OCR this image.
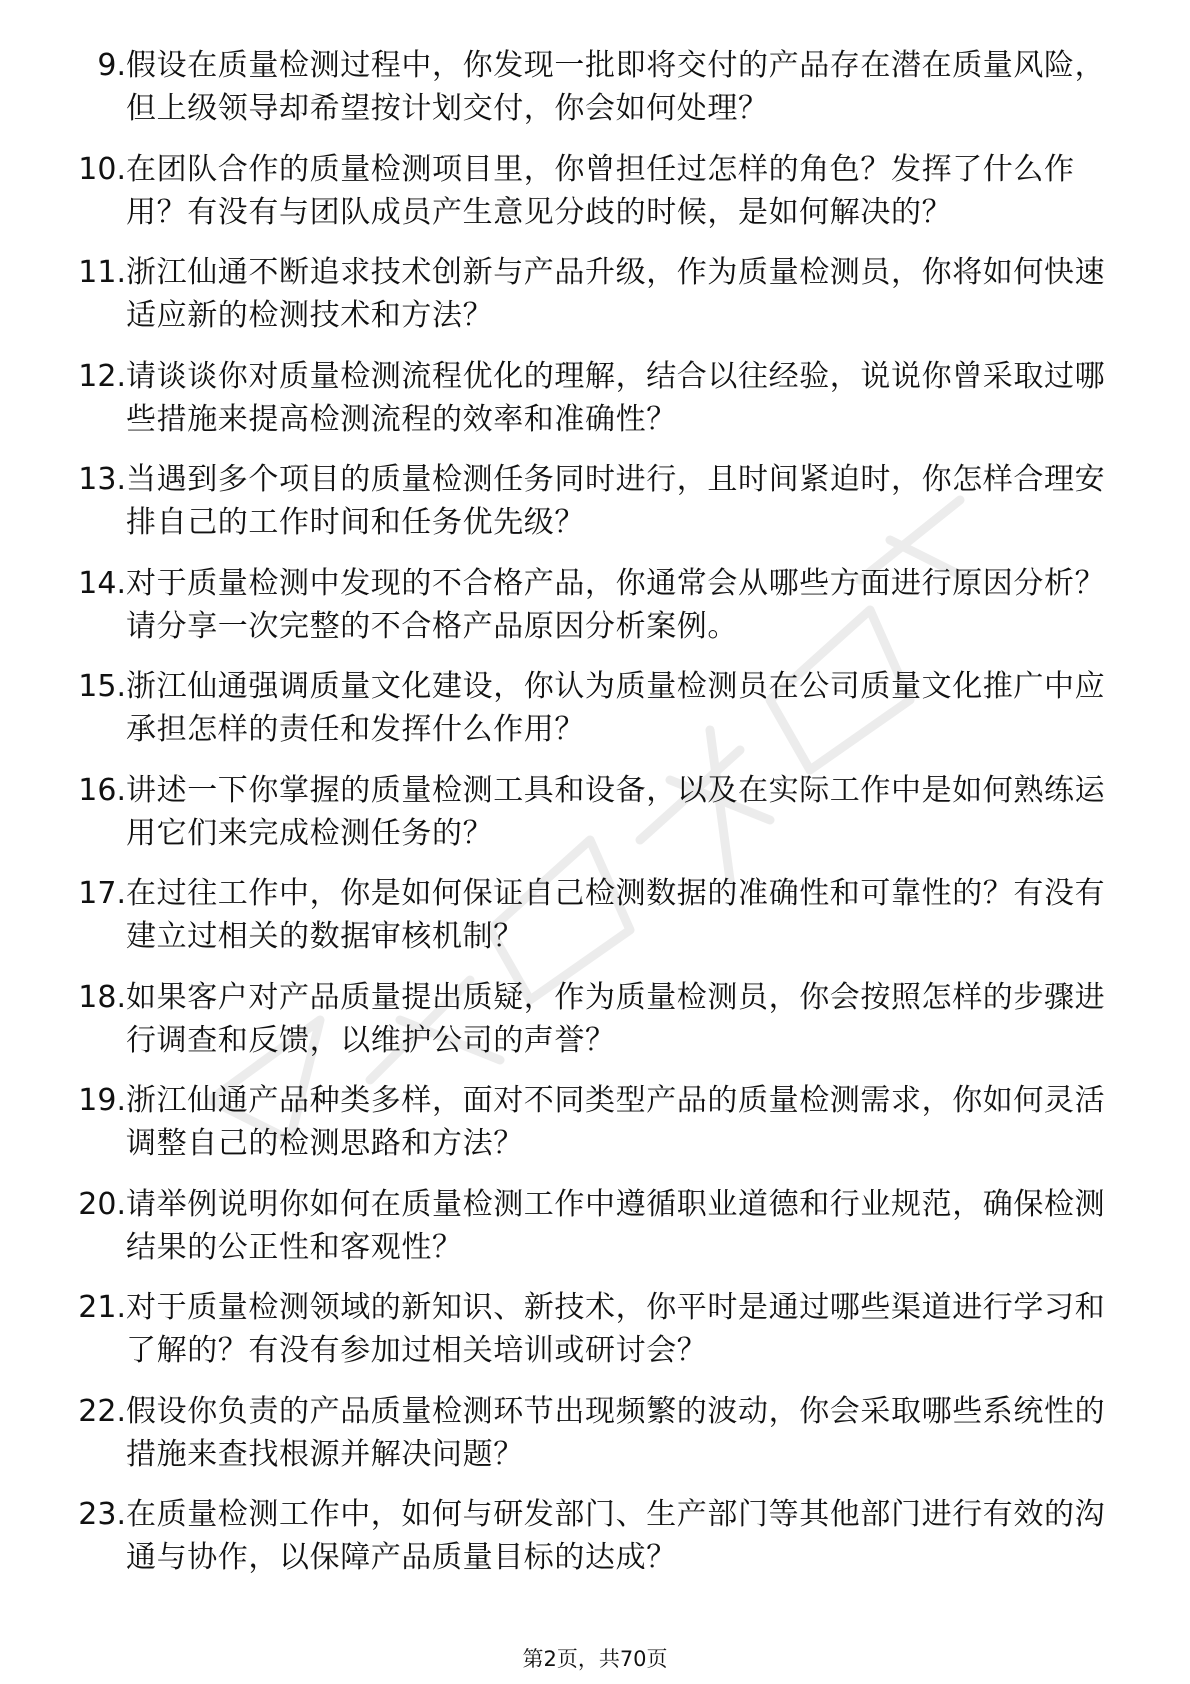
9. 假设在质量检测过程中，你发现一批即将交付的产品存在潜在质量风险，但上级领导却希望按计划交付，你会如何处理？
10. 在团队合作的质量检测项目里，你曾担任过怎样的角色？发挥了什么作用？有没有与团队成员产生意见分歧的时候，是如何解决的？
11. 浙江仙通不断追求技术创新与产品升级，作为质量检测员，你将如何快速适应新的检测技术和方法？
12. 请谈谈你对质量检测流程优化的理解，结合以往经验，说说你曾采取过哪些措施来提高检测流程的效率和准确性？
13. 当遇到多个项目的质量检测任务同时进行，且时间紧迫时，你怎样合理安排自己的工作时间和任务优先级？
14. 对于质量检测中发现的不合格产品，你通常会从哪些方面进行原因分析？请分享一次完整的不合格产品原因分析案例。
15. 浙江仙通强调质量文化建设，你认为质量检测员在公司质量文化推广中应承担怎样的责任和发挥什么作用？
16. 讲述一下你掌握的质量检测工具和设备，以及在实际工作中是如何熟练运用它们来完成检测任务的？
17. 在过往工作中，你是如何保证自己检测数据的准确性和可靠性的？有没有建立过相关的数据审核机制？
18. 如果客户对产品质量提出质疑，作为质量检测员，你会按照怎样的步骤进行调查和反馈，以维护公司的声誉？
19. 浙江仙通产品种类多样，面对不同类型产品的质量检测需求，你如何灵活调整自己的检测思路和方法？
20. 请举例说明你如何在质量检测工作中遵循职业道德和行业规范，确保检测结果的公正性和客观性？
21. 对于质量检测领域的新知识、新技术，你平时是通过哪些渠道进行学习和了解的？有没有参加过相关培训或研讨会？
22. 假设你负责的产品质量检测环节出现频繁的波动，你会采取哪些系统性的措施来查找根源并解决问题？
23. 在质量检测工作中，如何与研发部门、生产部门等其他部门进行有效的沟通与协作，以保障产品质量目标的达成？
第2页，共70页
